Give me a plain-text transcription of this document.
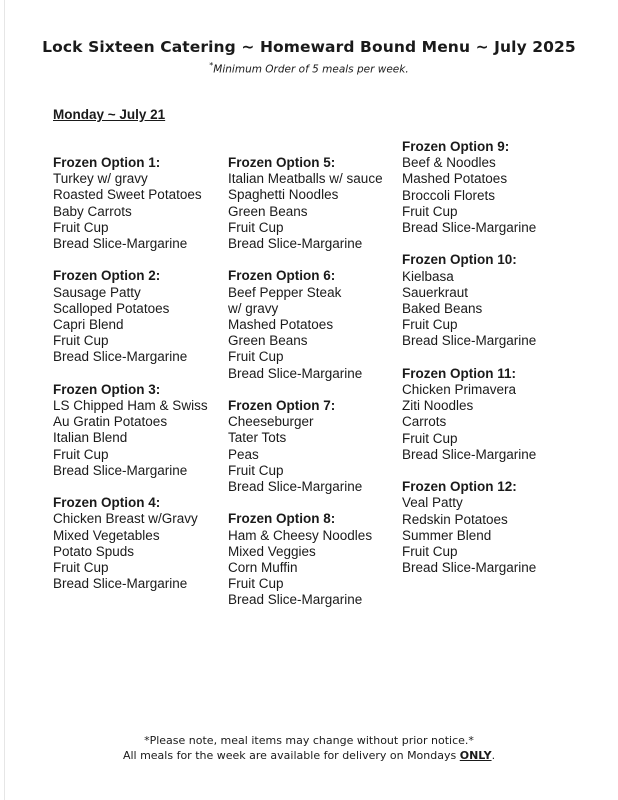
Lock Sixteen Catering ~ Homeward Bound Menu ~ July 2025
*Minimum Order of 5 meals per week.
Monday ~ July 21
Frozen Option 1:
Turkey w/ gravy
Roasted Sweet Potatoes
Baby Carrots
Fruit Cup
Bread Slice-Margarine
Frozen Option 2:
Sausage Patty
Scalloped Potatoes
Capri Blend
Fruit Cup
Bread Slice-Margarine
Frozen Option 3:
LS Chipped Ham & Swiss
Au Gratin Potatoes
Italian Blend
Fruit Cup
Bread Slice-Margarine
Frozen Option 4:
Chicken Breast w/Gravy
Mixed Vegetables
Potato Spuds
Fruit Cup
Bread Slice-Margarine
Frozen Option 5:
Italian Meatballs w/ sauce
Spaghetti Noodles
Green Beans
Fruit Cup
Bread Slice-Margarine
Frozen Option 6:
Beef Pepper Steak
w/ gravy
Mashed Potatoes
Green Beans
Fruit Cup
Bread Slice-Margarine
Frozen Option 7:
Cheeseburger
Tater Tots
Peas
Fruit Cup
Bread Slice-Margarine
Frozen Option 8:
Ham & Cheesy Noodles
Mixed Veggies
Corn Muffin
Fruit Cup
Bread Slice-Margarine
Frozen Option 9:
Beef & Noodles
Mashed Potatoes
Broccoli Florets
Fruit Cup
Bread Slice-Margarine
Frozen Option 10:
Kielbasa
Sauerkraut
Baked Beans
Fruit Cup
Bread Slice-Margarine
Frozen Option 11:
Chicken Primavera
Ziti Noodles
Carrots
Fruit Cup
Bread Slice-Margarine
Frozen Option 12:
Veal Patty
Redskin Potatoes
Summer Blend
Fruit Cup
Bread Slice-Margarine
*Please note, meal items may change without prior notice.*
All meals for the week are available for delivery on Mondays ONLY.
